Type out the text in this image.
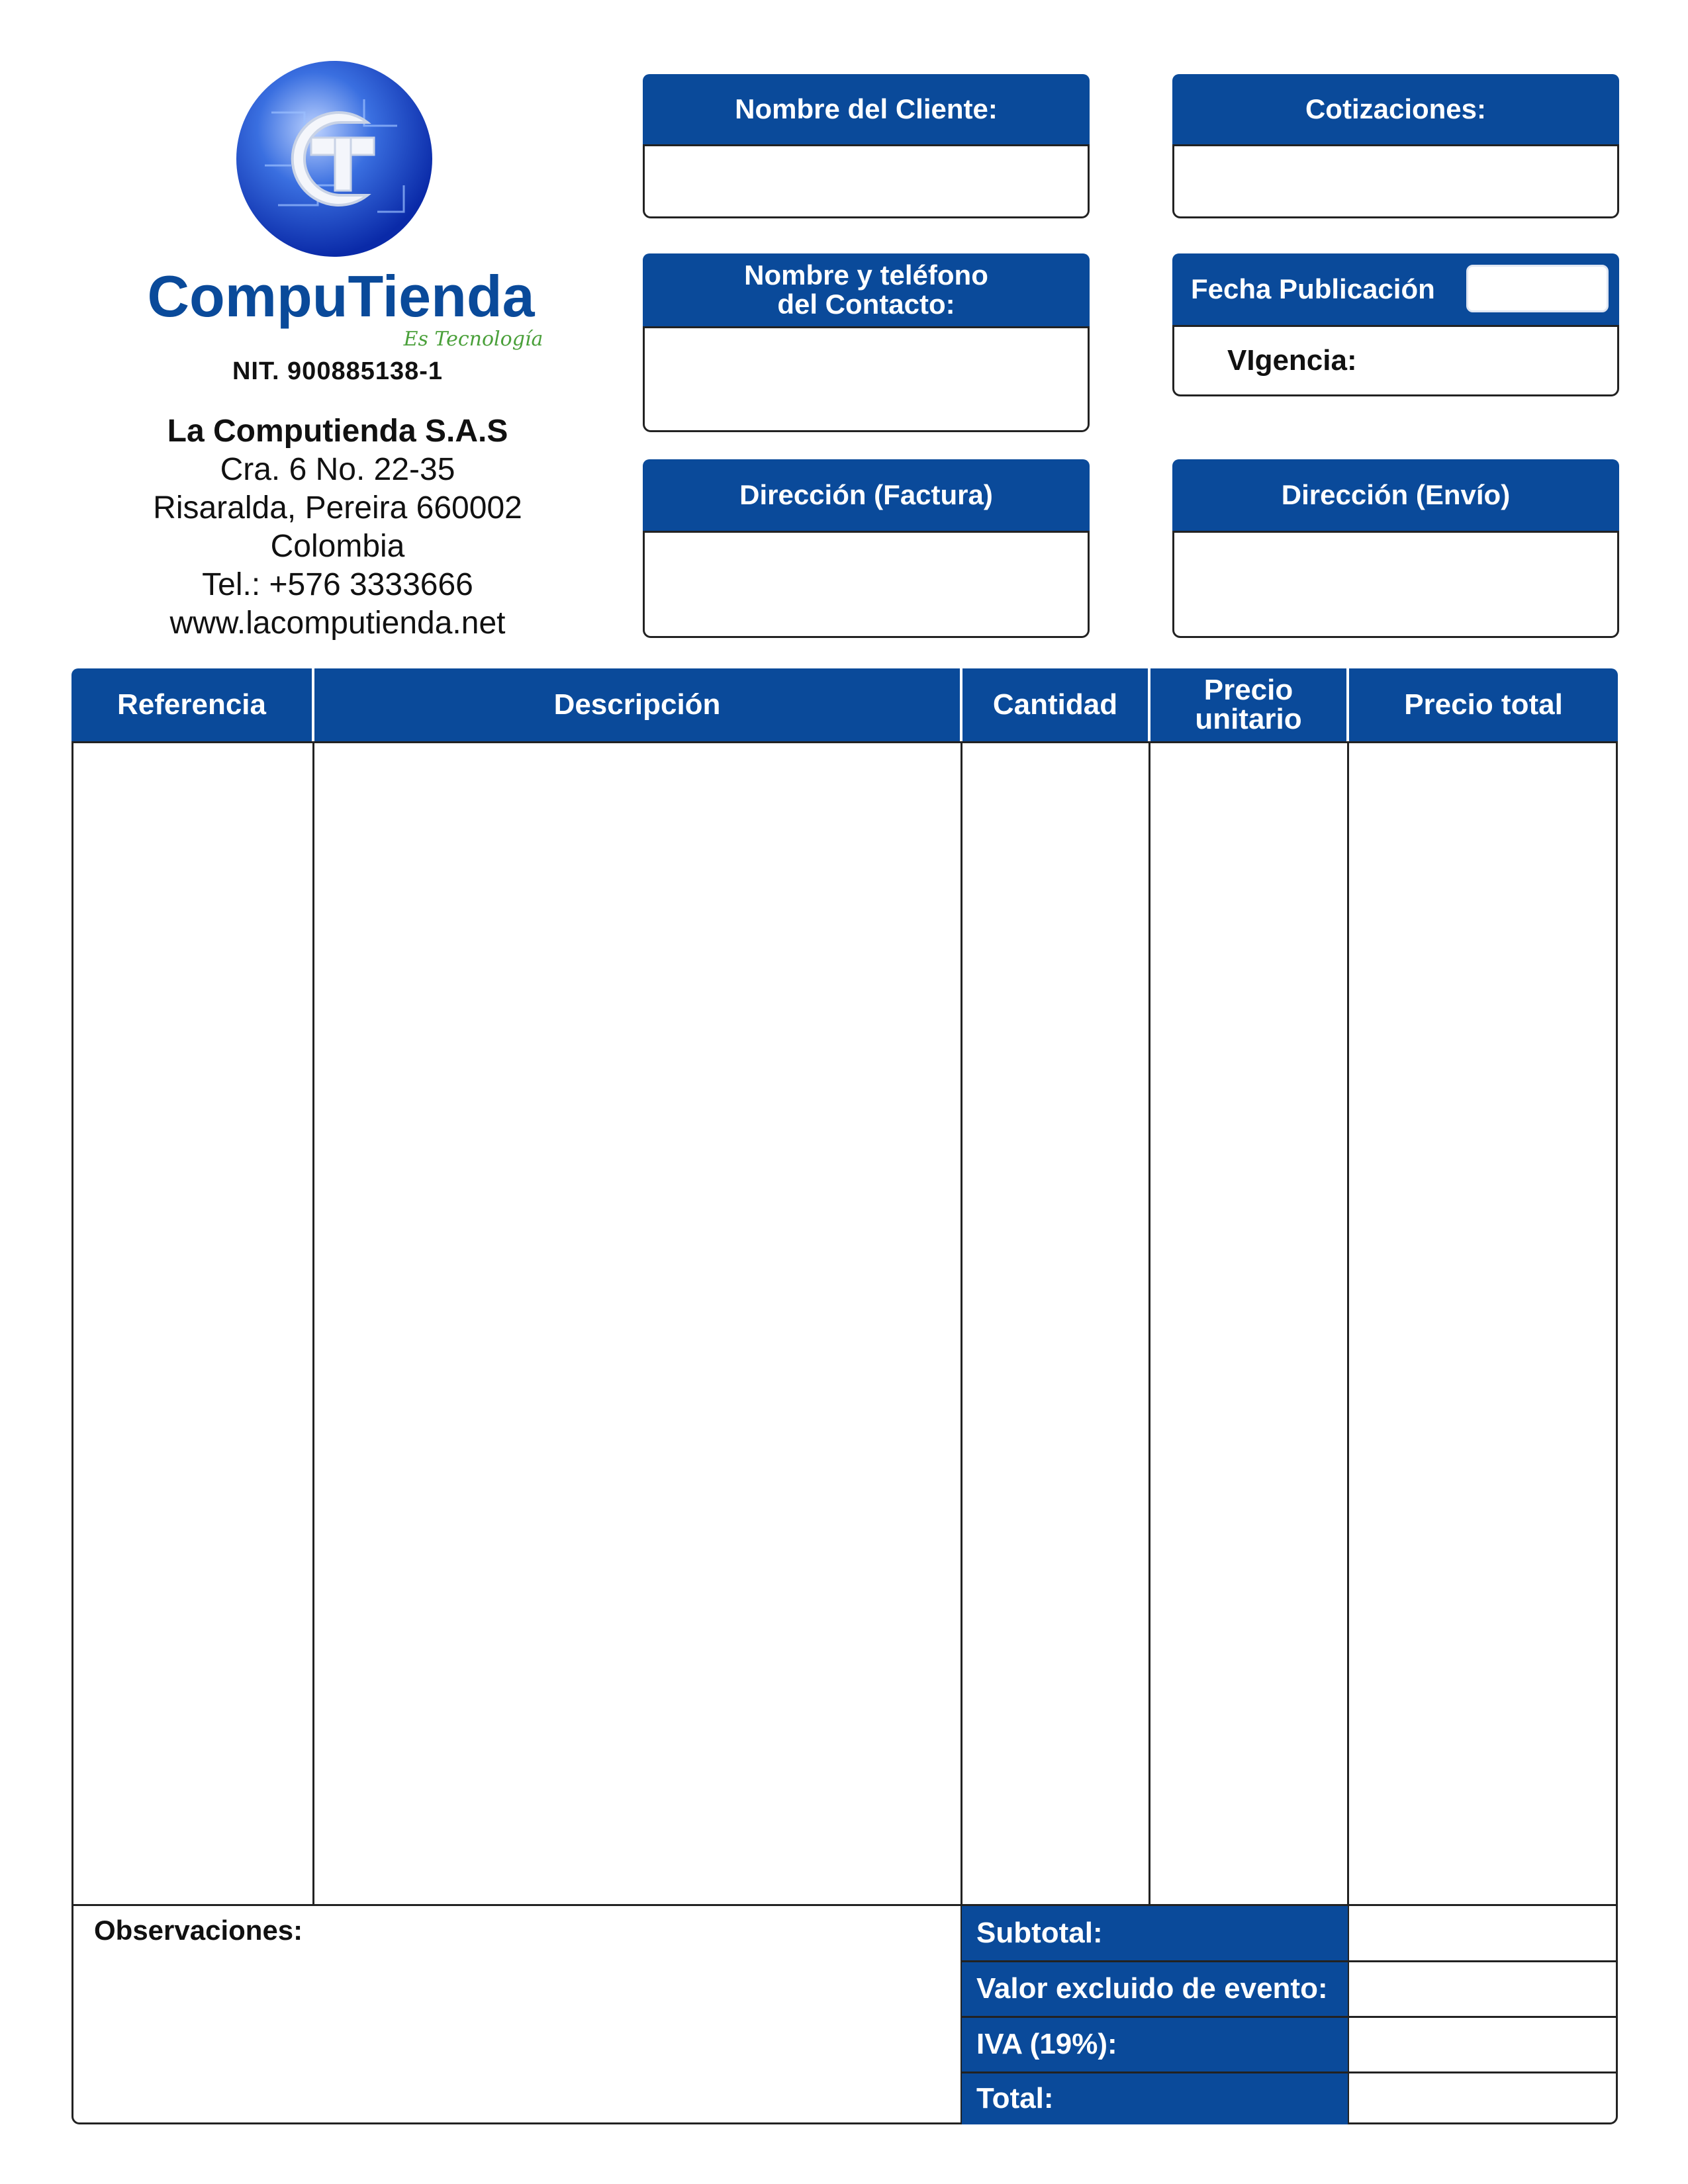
CompuTienda
Es Tecnología
NIT. 900885138-1
La Computienda S.A.S
Cra. 6 No. 22-35
Risaralda, Pereira 660002
Colombia
Tel.: +576 3333666
www.lacomputienda.net
Nombre del Cliente:	Cotizaciones:
Nombre y teléfono del Contacto:	Fecha Publicación
VIgencia:
Dirección (Factura)	Dirección (Envío)
Referencia	Descripción	Cantidad	Precio unitario	Precio total
Observaciones:	Subtotal:
Valor excluido de evento:
IVA (19%):
Total:
